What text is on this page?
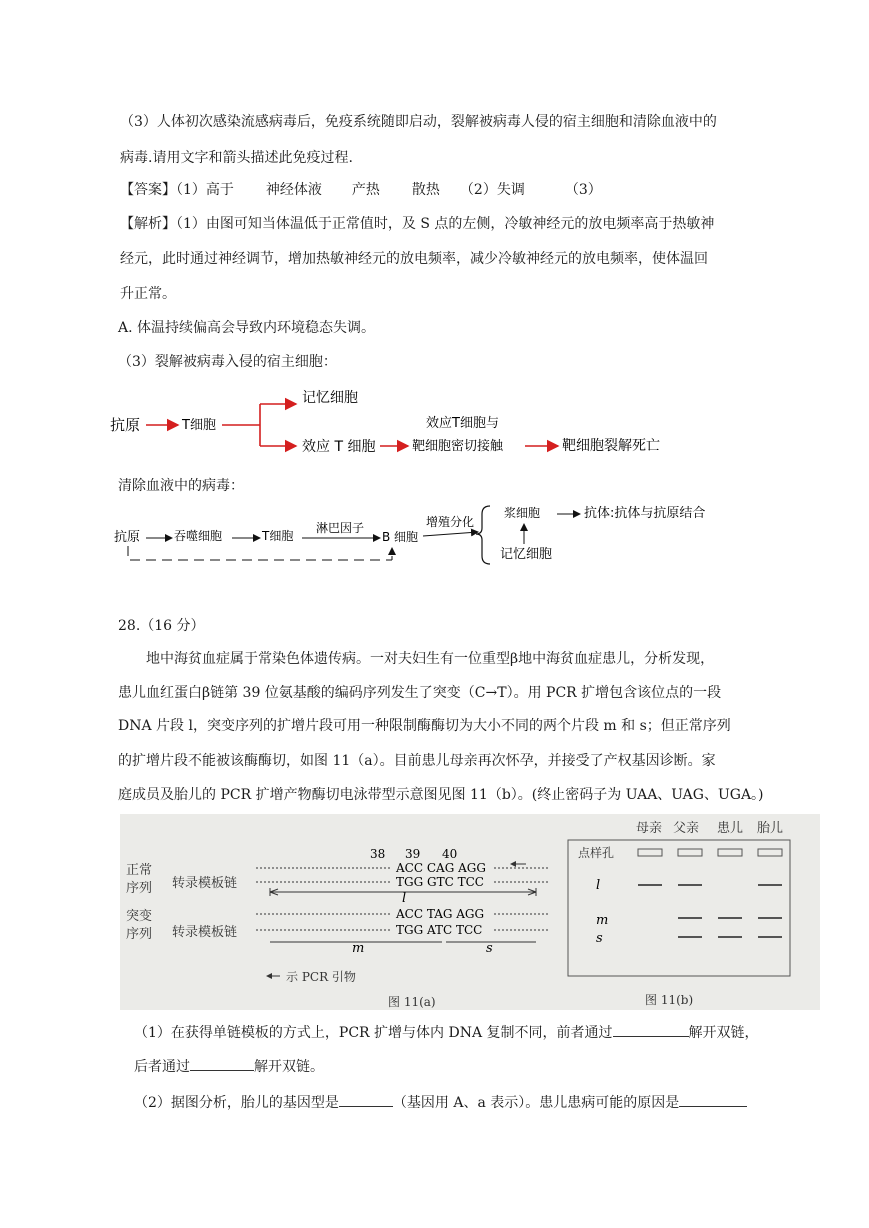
（3）人体初次感染流感病毒后，免疫系统随即启动，裂解被病毒人侵的宿主细胞和清除血液中的
病毒.请用文字和箭头描述此免疫过程.
【答案】（1）高于 神经体液 产热 散热 （2）失调	（3）
【解析】（1）由图可知当体温低于正常值时，及 S 点的左侧，冷敏神经元的放电频率高于热敏神
经元，此时通过神经调节，增加热敏神经元的放电频率，减少冷敏神经元的放电频率，使体温回
升正常。
A. 体温持续偏高会导致内环境稳态失调。
（3）裂解被病毒入侵的宿主细胞：
抗原	T细胞
记忆细胞
效应 T 细胞
效应T细胞与
靶细胞密切接触	靶细胞裂解死亡
清除血液中的病毒：
抗原	吞噬细胞	T细胞
淋巴因子
B 细胞
增殖分化
浆细胞	抗体:抗体与抗原结合
记忆细胞
28.（16 分）
地中海贫血症属于常染色体遗传病。一对夫妇生有一位重型β地中海贫血症患儿，分析发现，
患儿血红蛋白β链第 39 位氨基酸的编码序列发生了突变（C→T）。用 PCR 扩增包含该位点的一段
DNA 片段 l，突变序列的扩增片段可用一种限制酶酶切为大小不同的两个片段 m 和 s；但正常序列
的扩增片段不能被该酶酶切，如图 11（a）。目前患儿母亲再次怀孕，并接受了产权基因诊断。家
庭成员及胎儿的 PCR 扩增产物酶切电泳带型示意图见图 11（b）。(终止密码子为 UAA、UAG、UGA。)
38 39 40
正常
序列 转录模板链
ACC CAG AGG
TGG GTC TCC
l
突变
序列 转录模板链
ACC TAG AGG
TGG ATC TCC
m	s
示 PCR 引物
图 11(a)
母亲 父亲 患儿 胎儿
点样孔
l
m
s
图 11(b)
（1）在获得单链模板的方式上，PCR 扩增与体内 DNA 复制不同，前者通过	解开双链，
后者通过	解开双链。
（2）据图分析，胎儿的基因型是	（基因用 A、a 表示）。患儿患病可能的原因是
